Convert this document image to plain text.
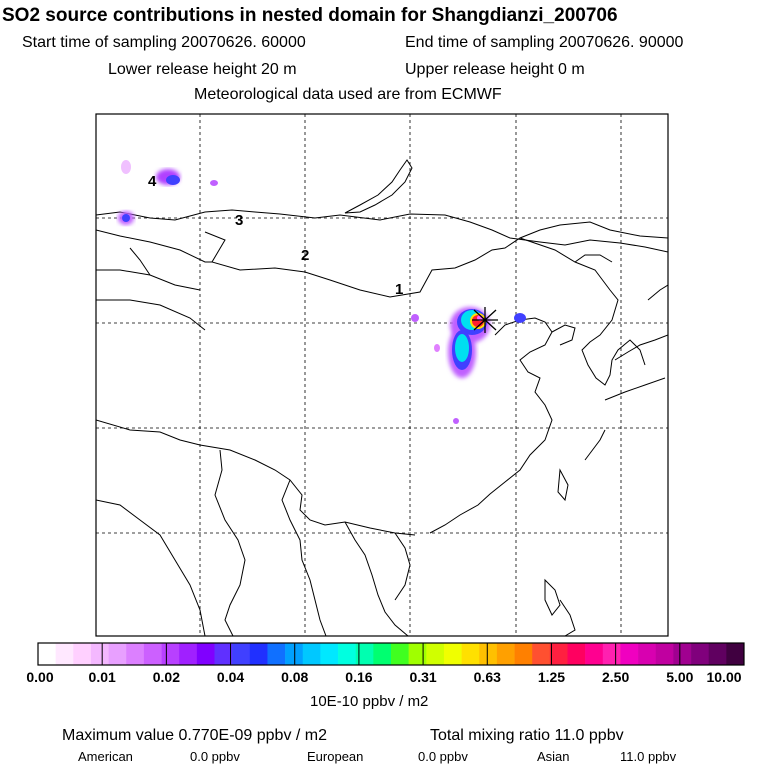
SO2 source contributions in nested domain for Shangdianzi_200706
Start time of sampling 20070626. 60000	End time of sampling 20070626. 90000
Lower release height 20 m	Upper release height 0 m
Meteorological data used are from ECMWF
4
3
2
1
0.00 0.01	0.02	0.04	0.08	0.16	0.31	0.63	1.25	2.50	5.00 10.00
10E-10 ppbv / m2
Maximum value 0.770E-09 ppbv / m2	Total mixing ratio 11.0 ppbv
American	0.0 ppbv	European	0.0 ppbv	Asian	11.0 ppbv
